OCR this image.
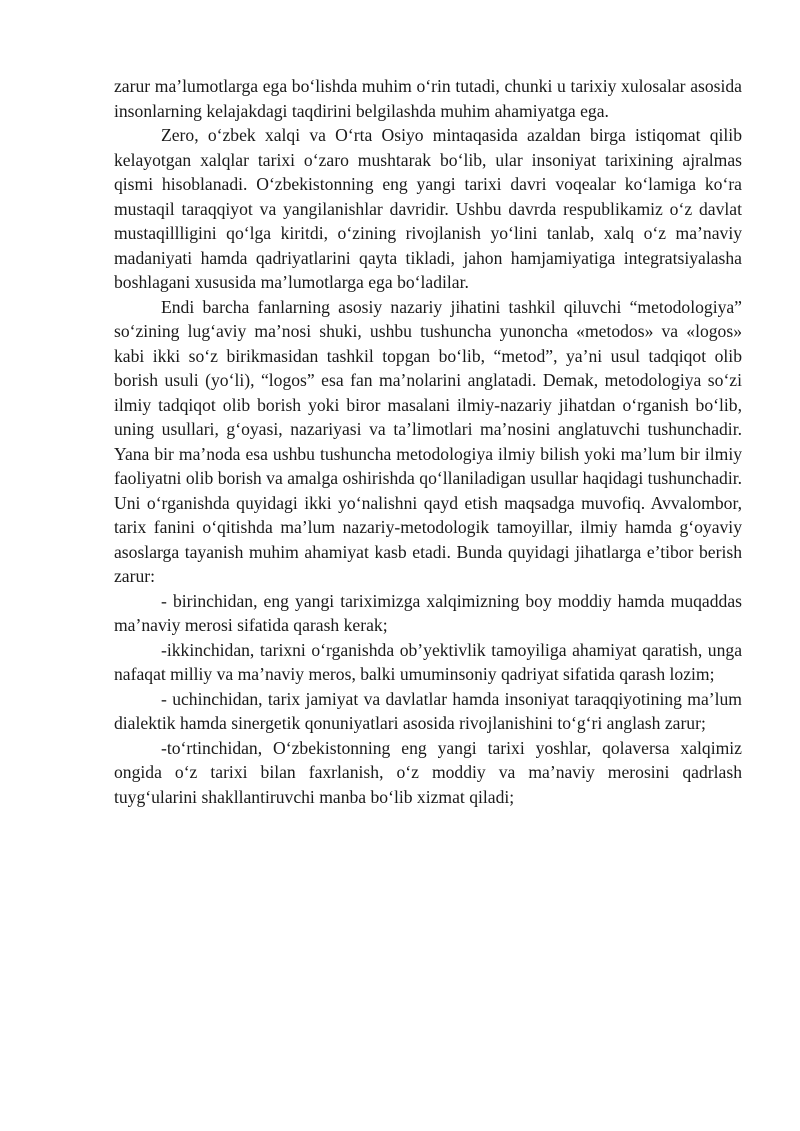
zarur ma’lumotlarga ega bo‘lishda muhim o‘rin tutadi, chunki u tarixiy xulosalar asosida insonlarning kelajakdagi taqdirini belgilashda muhim ahamiyatga ega.

Zero, o‘zbek xalqi va O‘rta Osiyo mintaqasida azaldan birga istiqomat qilib kelayotgan xalqlar tarixi o‘zaro mushtarak bo‘lib, ular insoniyat tarixining ajralmas qismi hisoblanadi. O‘zbekistonning eng yangi tarixi davri voqealar ko‘lamiga ko‘ra mustaqil taraqqiyot va yangilanishlar davridir. Ushbu davrda respublikamiz o‘z davlat mustaqillligini qo‘lga kiritdi, o‘zining rivojlanish yo‘lini tanlab, xalq o‘z ma’naviy madaniyati hamda qadriyatlarini qayta tikladi, jahon hamjamiyatiga integratsiyalasha boshlagani xususida ma’lumotlarga ega bo‘ladilar.

Endi barcha fanlarning asosiy nazariy jihatini tashkil qiluvchi “metodologiya” so‘zining lug‘aviy ma’nosi shuki, ushbu tushuncha yunoncha «metodos» va «logos» kabi ikki so‘z birikmasidan tashkil topgan bo‘lib, “metod”, ya’ni usul tadqiqot olib borish usuli (yo‘li), “logos” esa fan ma’nolarini anglatadi. Demak, metodologiya so‘zi ilmiy tadqiqot olib borish yoki biror masalani ilmiy-nazariy jihatdan o‘rganish bo‘lib, uning usullari, g‘oyasi, nazariyasi va ta’limotlari ma’nosini anglatuvchi tushunchadir. Yana bir ma’noda esa ushbu tushuncha metodologiya ilmiy bilish yoki ma’lum bir ilmiy faoliyatni olib borish va amalga oshirishda qo‘llaniladigan usullar haqidagi tushunchadir. Uni o‘rganishda quyidagi ikki yo‘nalishni qayd etish maqsadga muvofiq. Avvalombor, tarix fanini o‘qitishda ma’lum nazariy-metodologik tamoyillar, ilmiy hamda g‘oyaviy asoslarga tayanish muhim ahamiyat kasb etadi. Bunda quyidagi jihatlarga e’tibor berish zarur:

- birinchidan, eng yangi tariximizga xalqimizning boy moddiy hamda muqaddas ma’naviy merosi sifatida qarash kerak;

-ikkinchidan, tarixni o‘rganishda ob’yektivlik tamoyiliga ahamiyat qaratish, unga nafaqat milliy va ma’naviy meros, balki umuminsoniy qadriyat sifatida qarash lozim;

- uchinchidan, tarix jamiyat va davlatlar hamda insoniyat taraqqiyotining ma’lum dialektik hamda sinergetik qonuniyatlari asosida rivojlanishini to‘g‘ri anglash zarur;

-to‘rtinchidan, O‘zbekistonning eng yangi tarixi yoshlar, qolaversa xalqimiz ongida o‘z tarixi bilan faxrlanish, o‘z moddiy va ma’naviy merosini qadrlash tuyg‘ularini shakllantiruvchi manba bo‘lib xizmat qiladi;
